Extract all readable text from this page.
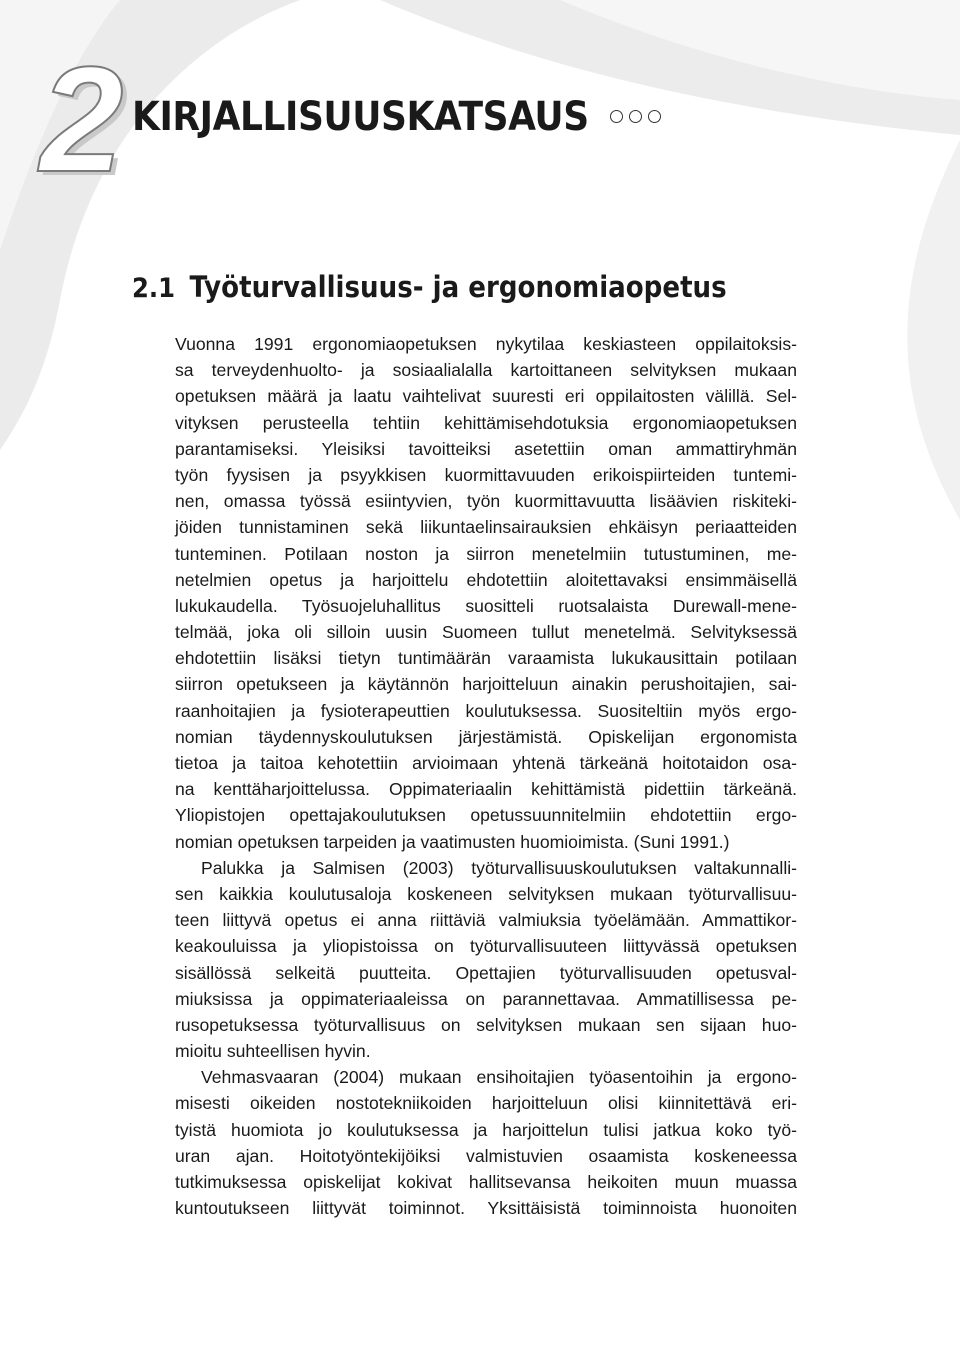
2 KIRJALLISUUSKATSAUS
2.1 Työturvallisuus- ja ergonomiaopetus
Vuonna 1991 ergonomiaopetuksen nykytilaa keskiasteen oppilaitoksis-
sa terveydenhuolto- ja sosiaalialalla kartoittaneen selvityksen mukaan
opetuksen määrä ja laatu vaihtelivat suuresti eri oppilaitosten välillä. Sel-
vityksen perusteella tehtiin kehittämisehdotuksia ergonomiaopetuksen
parantamiseksi. Yleisiksi tavoitteiksi asetettiin oman ammattiryhmän
työn fyysisen ja psyykkisen kuormittavuuden erikoispiirteiden tuntemi-
nen, omassa työssä esiintyvien, työn kuormittavuutta lisäävien riskiteki-
jöiden tunnistaminen sekä liikuntaelinsairauksien ehkäisyn periaatteiden
tunteminen. Potilaan noston ja siirron menetelmiin tutustuminen, me-
netelmien opetus ja harjoittelu ehdotettiin aloitettavaksi ensimmäisellä
lukukaudella. Työsuojeluhallitus suositteli ruotsalaista Durewall-mene-
telmää, joka oli silloin uusin Suomeen tullut menetelmä. Selvityksessä
ehdotettiin lisäksi tietyn tuntimäärän varaamista lukukausittain potilaan
siirron opetukseen ja käytännön harjoitteluun ainakin perushoitajien, sai-
raanhoitajien ja fysioterapeuttien koulutuksessa. Suositeltiin myös ergo-
nomian täydennyskoulutuksen järjestämistä. Opiskelijan ergonomista
tietoa ja taitoa kehotettiin arvioimaan yhtenä tärkeänä hoitotaidon osa-
na kenttäharjoittelussa. Oppimateriaalin kehittämistä pidettiin tärkeänä.
Yliopistojen opettajakoulutuksen opetussuunnitelmiin ehdotettiin ergo-
nomian opetuksen tarpeiden ja vaatimusten huomioimista. (Suni 1991.)
Palukka ja Salmisen (2003) työturvallisuuskoulutuksen valtakunnalli-
sen kaikkia koulutusaloja koskeneen selvityksen mukaan työturvallisuu-
teen liittyvä opetus ei anna riittäviä valmiuksia työelämään. Ammattikor-
keakouluissa ja yliopistoissa on työturvallisuuteen liittyvässä opetuksen
sisällössä selkeitä puutteita. Opettajien työturvallisuuden opetusval-
miuksissa ja oppimateriaaleissa on parannettavaa. Ammatillisessa pe-
rusopetuksessa työturvallisuus on selvityksen mukaan sen sijaan huo-
mioitu suhteellisen hyvin.
Vehmasvaaran (2004) mukaan ensihoitajien työasentoihin ja ergono-
misesti oikeiden nostotekniikoiden harjoitteluun olisi kiinnitettävä eri-
tyistä huomiota jo koulutuksessa ja harjoittelun tulisi jatkua koko työ-
uran ajan. Hoitotyöntekijöiksi valmistuvien osaamista koskeneessa
tutkimuksessa opiskelijat kokivat hallitsevansa heikoiten muun muassa
kuntoutukseen liittyvät toiminnot. Yksittäisistä toiminnoista huonoiten
